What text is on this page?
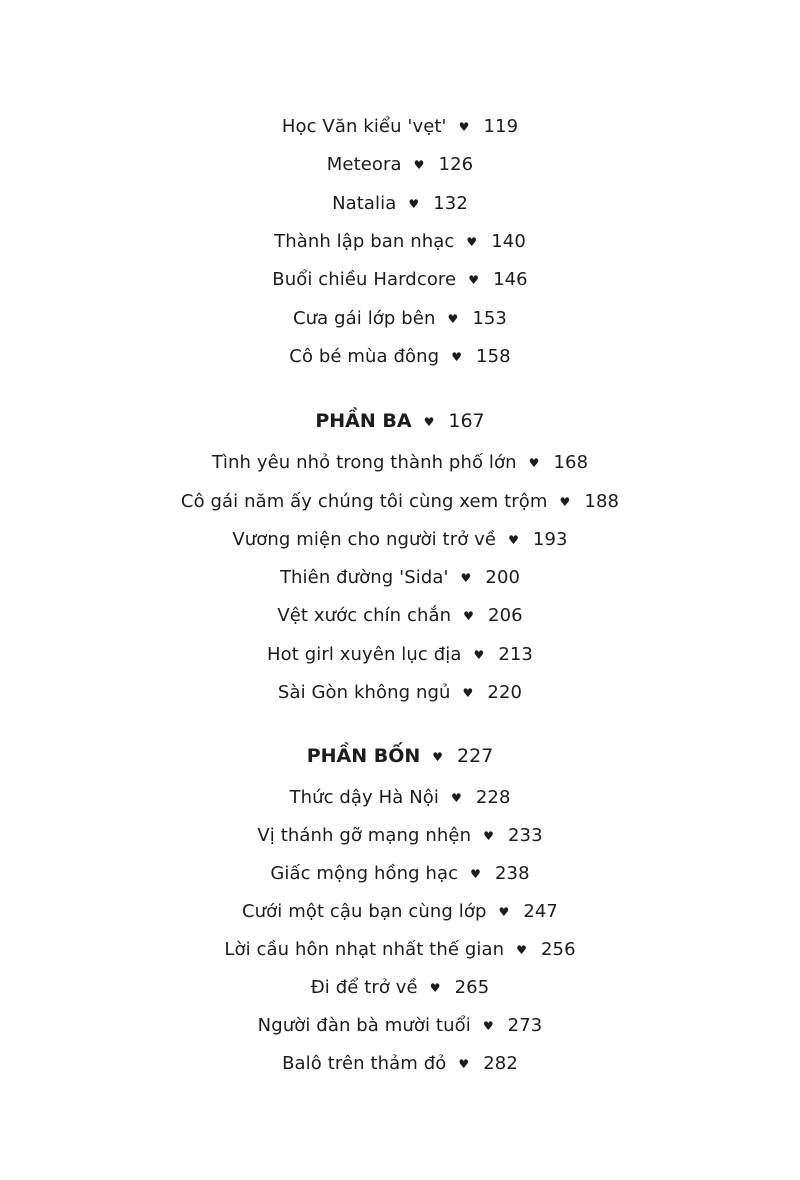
Học Văn kiểu 'vẹt' ♥ 119
Meteora ♥ 126
Natalia ♥ 132
Thành lập ban nhạc ♥ 140
Buổi chiều Hardcore ♥ 146
Cưa gái lớp bên ♥ 153
Cô bé mùa đông ♥ 158
PHẦN BA ♥ 167
Tình yêu nhỏ trong thành phố lớn ♥ 168
Cô gái năm ấy chúng tôi cùng xem trộm ♥ 188
Vương miện cho người trở về ♥ 193
Thiên đường 'Sida' ♥ 200
Vệt xước chín chắn ♥ 206
Hot girl xuyên lục địa ♥ 213
Sài Gòn không ngủ ♥ 220
PHẦN BỐN ♥ 227
Thức dậy Hà Nội ♥ 228
Vị thánh gỡ mạng nhện ♥ 233
Giấc mộng hồng hạc ♥ 238
Cưới một cậu bạn cùng lớp ♥ 247
Lời cầu hôn nhạt nhất thế gian ♥ 256
Đi để trở về ♥ 265
Người đàn bà mười tuổi ♥ 273
Balô trên thảm đỏ ♥ 282
